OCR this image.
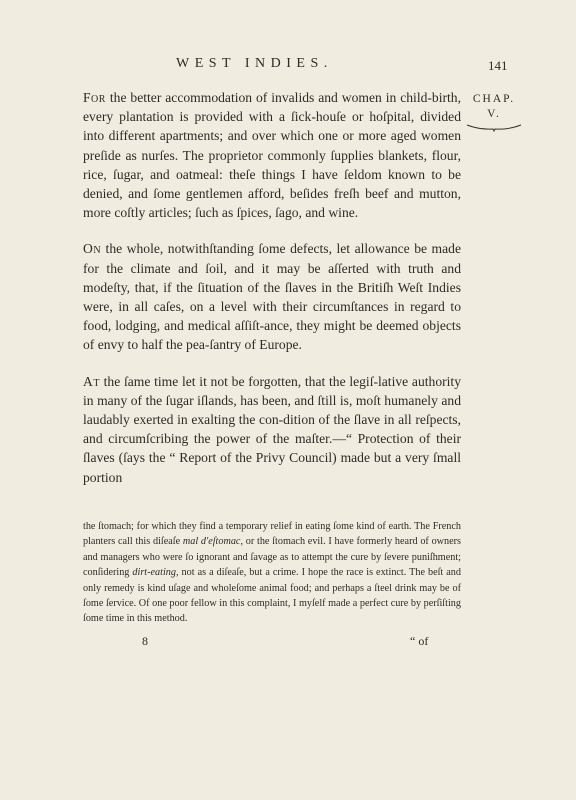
WEST INDIES.	141
CHAP.
V.

For the better accommodation of invalids and women in child-birth, every plantation is provided with a ſick-houſe or hoſpital, divided into different apartments; and over which one or more aged women preſide as nurſes. The proprietor commonly ſupplies blankets, flour, rice, ſugar, and oatmeal: theſe things I have ſeldom known to be denied, and ſome gentlemen afford, beſides freſh beef and mutton, more coſtly articles; ſuch as ſpices, ſago, and wine.

On the whole, notwithſtanding ſome defects, let allowance be made for the climate and ſoil, and it may be aſſerted with truth and modeſty, that, if the ſituation of the ſlaves in the Britiſh Weſt Indies were, in all caſes, on a level with their circumſtances in regard to food, lodging, and medical aſſiſt-ance, they might be deemed objects of envy to half the pea-ſantry of Europe.

At the ſame time let it not be forgotten, that the legiſ-lative authority in many of the ſugar iſlands, has been, and ſtill is, moſt humanely and laudably exerted in exalting the con-dition of the ſlave in all reſpects, and circumſcribing the power of the maſter.—“ Protection of their ſlaves (ſays the “ Report of the Privy Council) made but a very ſmall portion

the ſtomach; for which they find a temporary relief in eating ſome kind of earth. The French planters call this diſeaſe mal d'eſtomac, or the ſtomach evil. I have formerly heard of owners and managers who were ſo ignorant and ſavage as to attempt the cure by ſevere puniſhment; conſidering dirt-eating, not as a diſeaſe, but a crime. I hope the race is extinct. The beſt and only remedy is kind uſage and wholeſome animal food; and perhaps a ſteel drink may be of ſome ſervice. Of one poor fellow in this complaint, I myſelf made a perfect cure by perſiſting ſome time in this method.

8	“ of
